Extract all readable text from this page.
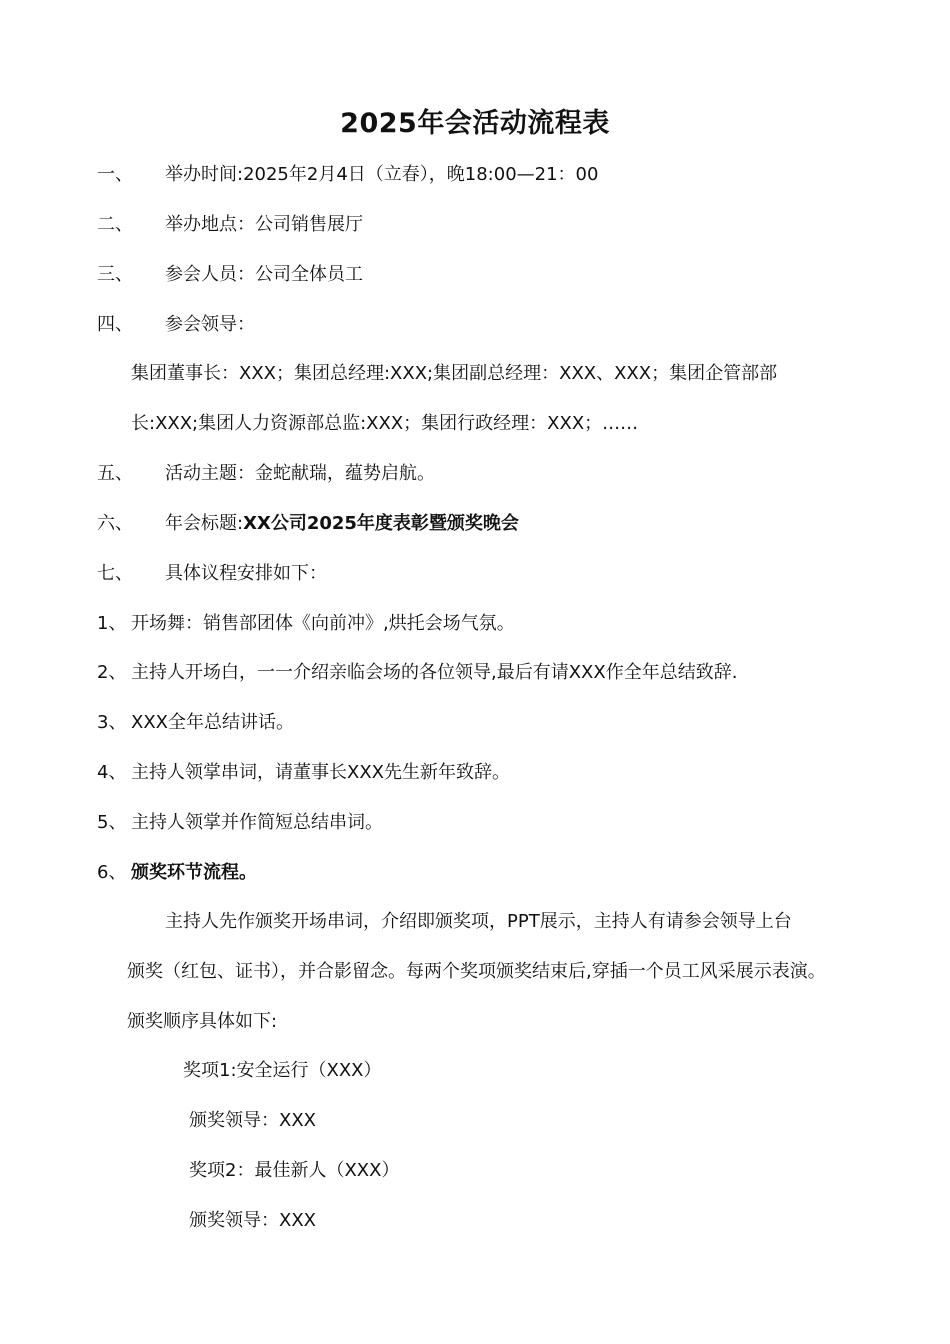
2025年会活动流程表
一、 举办时间:2025年2月4日（立春），晚18:00—21：00
二、 举办地点：公司销售展厅
三、 参会人员：公司全体员工
四、 参会领导：
集团董事长：XXX；集团总经理:XXX;集团副总经理：XXX、XXX；集团企管部部
长:XXX;集团人力资源部总监:XXX；集团行政经理：XXX；……
五、 活动主题：金蛇献瑞，蕴势启航。
六、 年会标题:XX公司2025年度表彰暨颁奖晚会
七、 具体议程安排如下：
1、 开场舞：销售部团体《向前冲》,烘托会场气氛。
2、 主持人开场白，一一介绍亲临会场的各位领导,最后有请XXX作全年总结致辞.
3、 XXX全年总结讲话。
4、 主持人领掌串词，请董事长XXX先生新年致辞。
5、 主持人领掌并作简短总结串词。
6、 颁奖环节流程。
主持人先作颁奖开场串词，介绍即颁奖项，PPT展示，主持人有请参会领导上台
颁奖（红包、证书），并合影留念。每两个奖项颁奖结束后,穿插一个员工风采展示表演。
颁奖顺序具体如下:
奖项1:安全运行（XXX）
颁奖领导：XXX
奖项2：最佳新人（XXX）
颁奖领导：XXX
